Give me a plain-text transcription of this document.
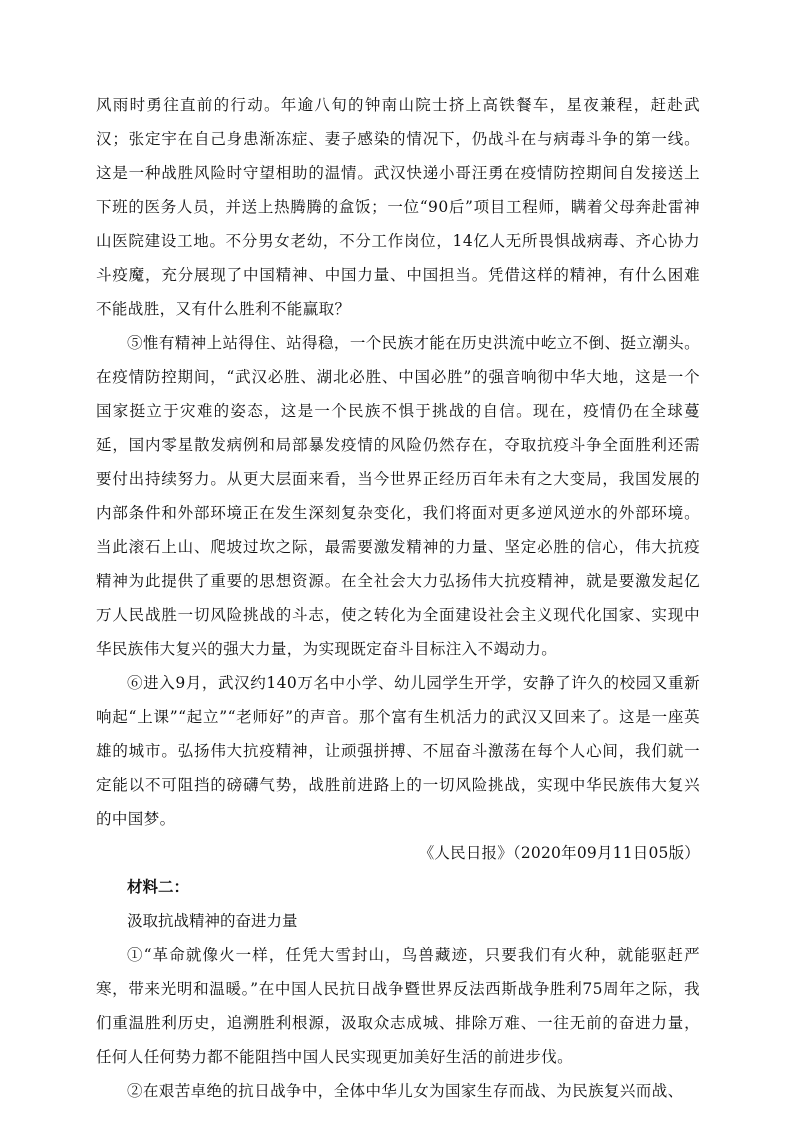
风雨时勇往直前的行动。年逾八旬的钟南山院士挤上高铁餐车，星夜兼程，赶赴武汉；张定宇在自己身患渐冻症、妻子感染的情况下，仍战斗在与病毒斗争的第一线。这是一种战胜风险时守望相助的温情。武汉快递小哥汪勇在疫情防控期间自发接送上下班的医务人员，并送上热腾腾的盒饭；一位“90后”项目工程师，瞒着父母奔赴雷神山医院建设工地。不分男女老幼，不分工作岗位，14亿人无所畏惧战病毒、齐心协力斗疫魔，充分展现了中国精神、中国力量、中国担当。凭借这样的精神，有什么困难不能战胜，又有什么胜利不能赢取？

⑤惟有精神上站得住、站得稳，一个民族才能在历史洪流中屹立不倒、挺立潮头。在疫情防控期间，“武汉必胜、湖北必胜、中国必胜”的强音响彻中华大地，这是一个国家挺立于灾难的姿态，这是一个民族不惧于挑战的自信。现在，疫情仍在全球蔓延，国内零星散发病例和局部暴发疫情的风险仍然存在，夺取抗疫斗争全面胜利还需要付出持续努力。从更大层面来看，当今世界正经历百年未有之大变局，我国发展的内部条件和外部环境正在发生深刻复杂变化，我们将面对更多逆风逆水的外部环境。当此滚石上山、爬坡过坎之际，最需要激发精神的力量、坚定必胜的信心，伟大抗疫精神为此提供了重要的思想资源。在全社会大力弘扬伟大抗疫精神，就是要激发起亿万人民战胜一切风险挑战的斗志，使之转化为全面建设社会主义现代化国家、实现中华民族伟大复兴的强大力量，为实现既定奋斗目标注入不竭动力。

⑥进入9月，武汉约140万名中小学、幼儿园学生开学，安静了许久的校园又重新响起“上课”“起立”“老师好”的声音。那个富有生机活力的武汉又回来了。这是一座英雄的城市。弘扬伟大抗疫精神，让顽强拼搏、不屈奋斗激荡在每个人心间，我们就一定能以不可阻挡的磅礴气势，战胜前进路上的一切风险挑战，实现中华民族伟大复兴的中国梦。

《人民日报》（2020年09月11日05版）

材料二：

汲取抗战精神的奋进力量

①“革命就像火一样，任凭大雪封山，鸟兽藏迹，只要我们有火种，就能驱赶严寒，带来光明和温暖。”在中国人民抗日战争暨世界反法西斯战争胜利75周年之际，我们重温胜利历史，追溯胜利根源，汲取众志成城、排除万难、一往无前的奋进力量，任何人任何势力都不能阻挡中国人民实现更加美好生活的前进步伐。

②在艰苦卓绝的抗日战争中，全体中华儿女为国家生存而战、为民族复兴而战、
